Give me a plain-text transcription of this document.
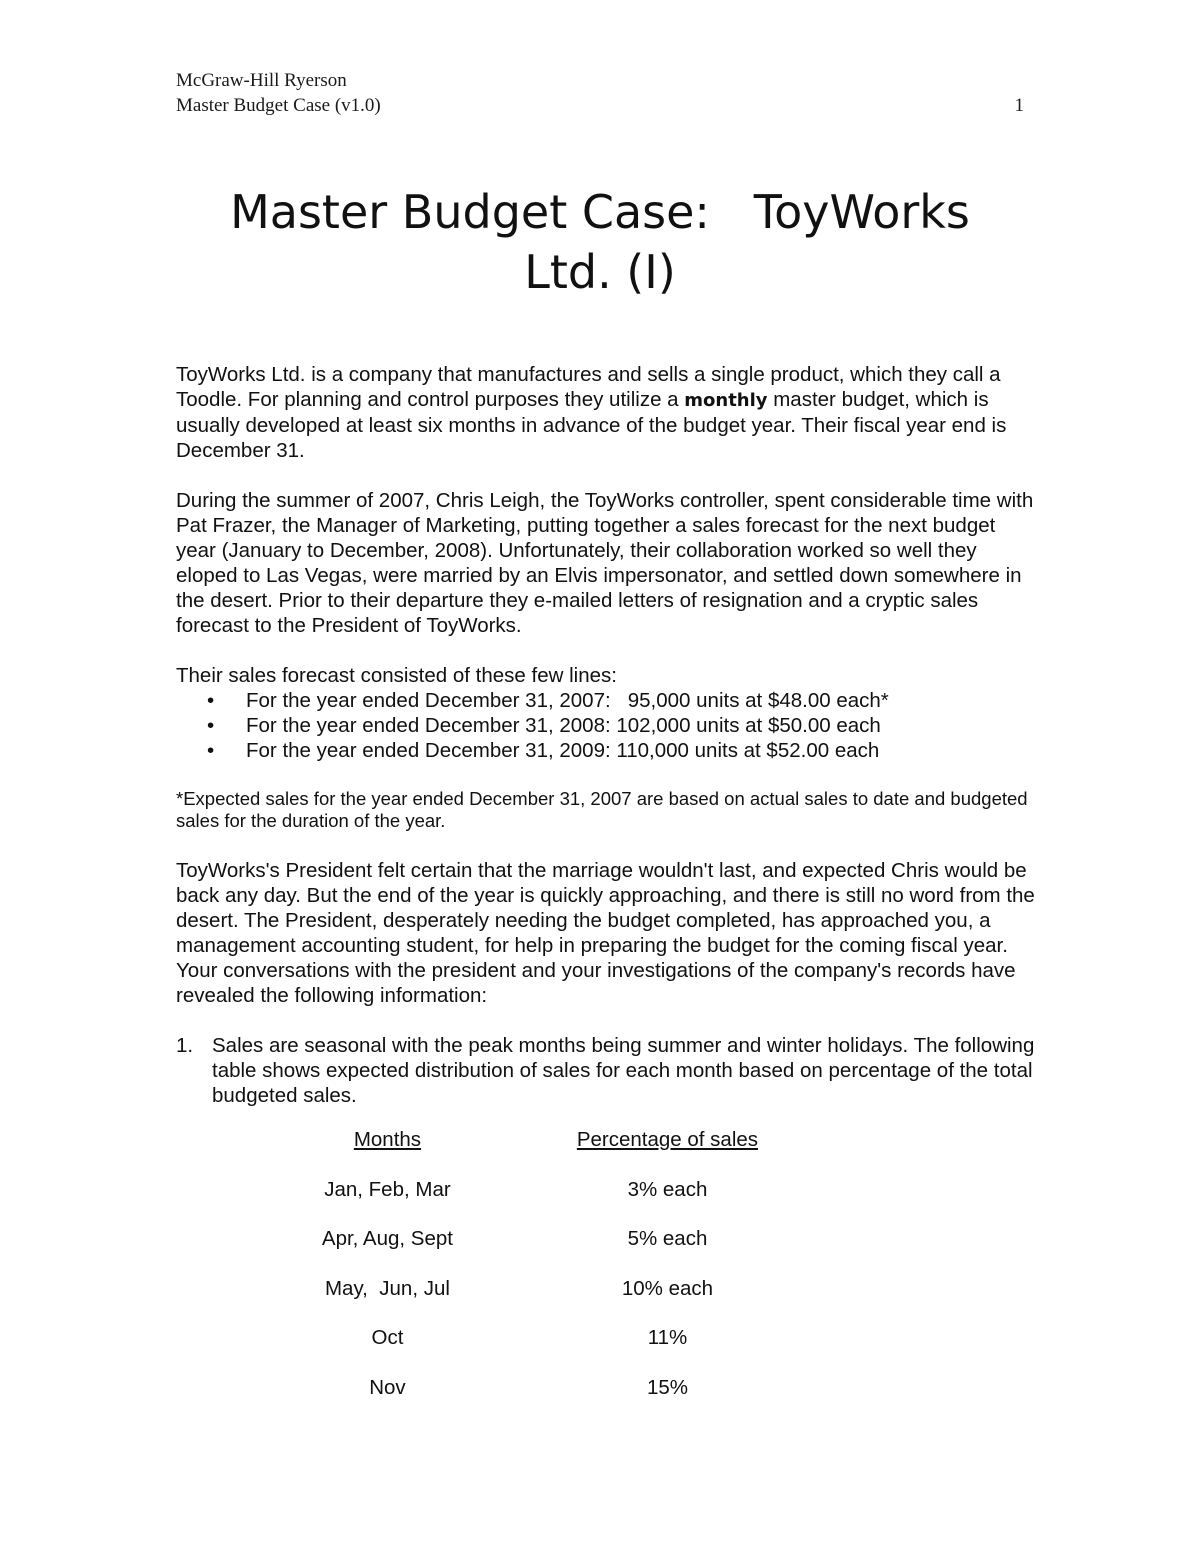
McGraw-Hill Ryerson
Master Budget Case (v1.0)	1
Master Budget Case:   ToyWorks
Ltd. (I)

ToyWorks Ltd. is a company that manufactures and sells a single product, which they call a Toodle. For planning and control purposes they utilize a monthly master budget, which is usually developed at least six months in advance of the budget year. Their fiscal year end is December 31.

During the summer of 2007, Chris Leigh, the ToyWorks controller, spent considerable time with Pat Frazer, the Manager of Marketing, putting together a sales forecast for the next budget year (January to December, 2008). Unfortunately, their collaboration worked so well they eloped to Las Vegas, were married by an Elvis impersonator, and settled down somewhere in the desert. Prior to their departure they e-mailed letters of resignation and a cryptic sales forecast to the President of ToyWorks.

Their sales forecast consisted of these few lines:

• For the year ended December 31, 2007:   95,000 units at $48.00 each*
• For the year ended December 31, 2008: 102,000 units at $50.00 each
• For the year ended December 31, 2009: 110,000 units at $52.00 each

*Expected sales for the year ended December 31, 2007 are based on actual sales to date and budgeted sales for the duration of the year.

ToyWorks's President felt certain that the marriage wouldn't last, and expected Chris would be back any day. But the end of the year is quickly approaching, and there is still no word from the desert. The President, desperately needing the budget completed, has approached you, a management accounting student, for help in preparing the budget for the coming fiscal year. Your conversations with the president and your investigations of the company's records have revealed the following information:

1. Sales are seasonal with the peak months being summer and winter holidays. The following table shows expected distribution of sales for each month based on percentage of the total budgeted sales.
Months	Percentage of sales
Jan, Feb, Mar	3% each
Apr, Aug, Sept	5% each
May,  Jun, Jul	10% each
Oct	11%
Nov	15%
